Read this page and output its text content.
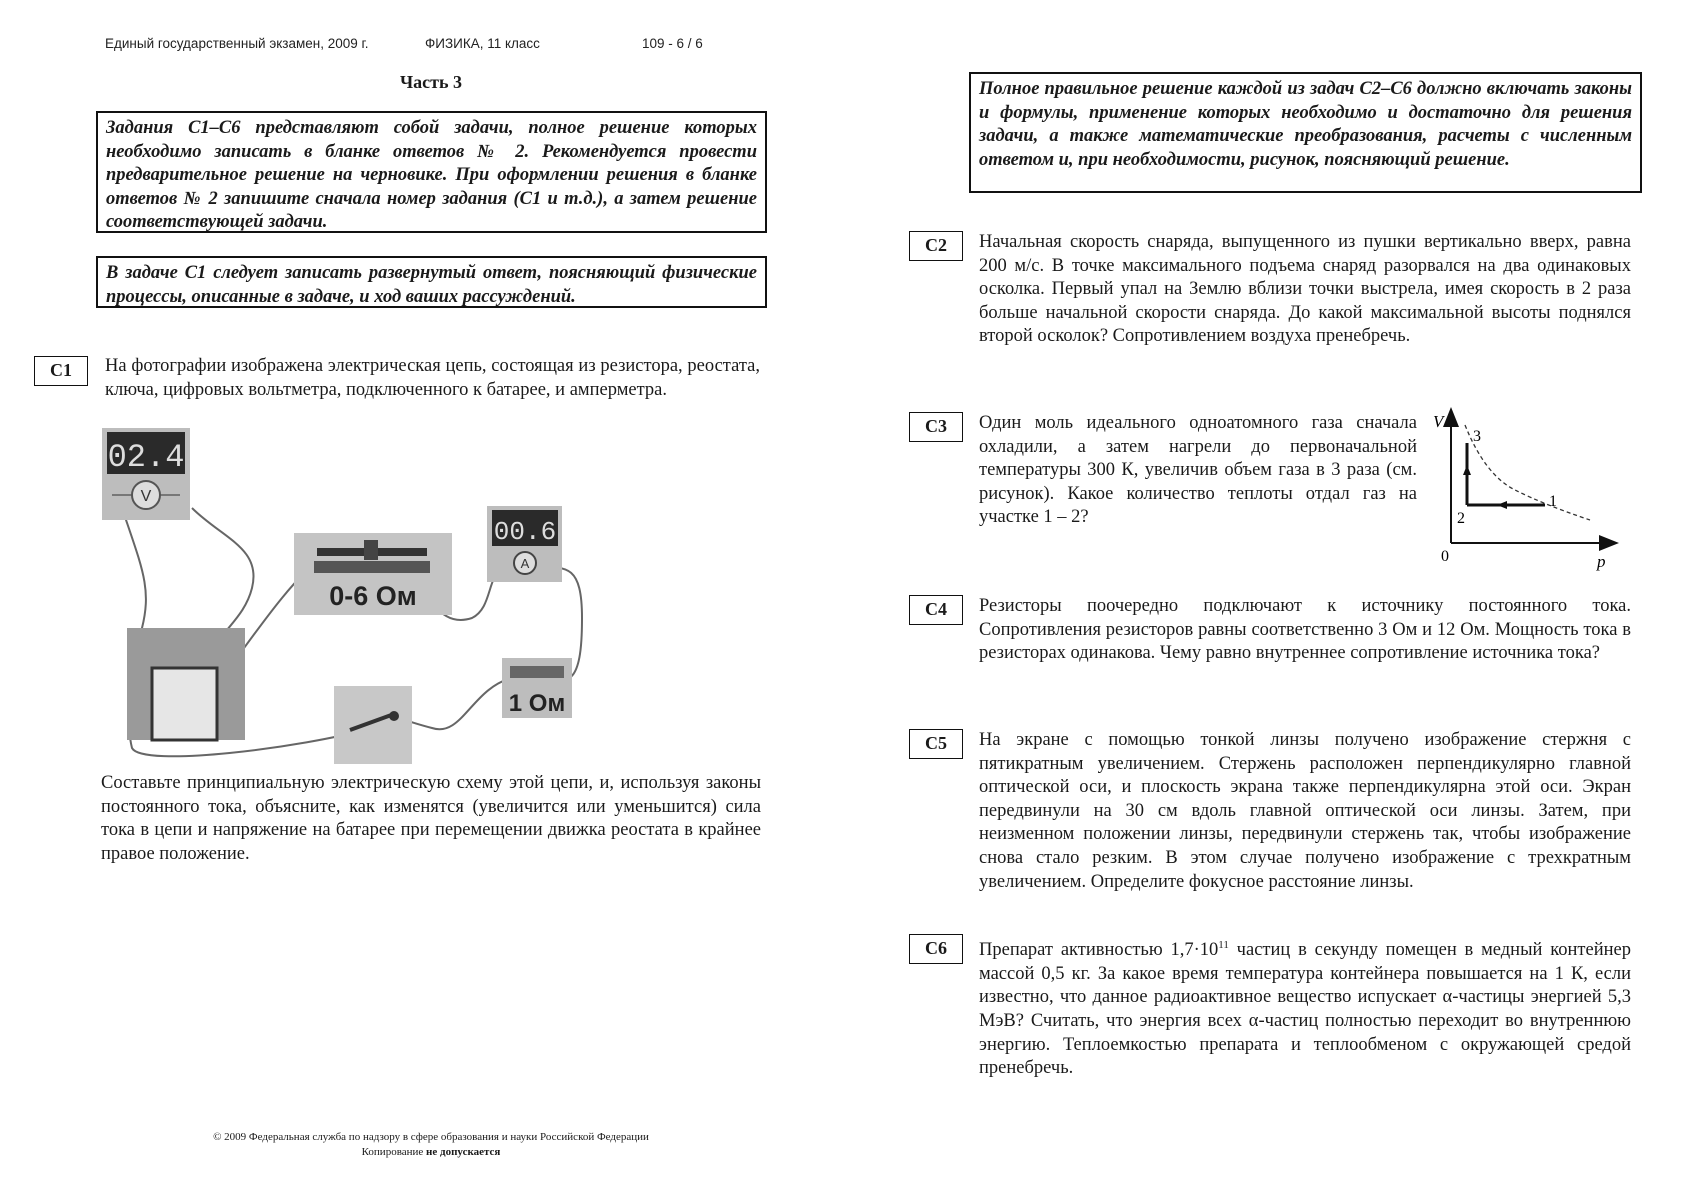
Единый государственный экзамен, 2009 г.	ФИЗИКА, 11 класс	109 - 6 / 6
Часть 3
Задания С1–С6 представляют собой задачи, полное решение которых необходимо записать в бланке ответов № 2. Рекомендуется провести предварительное решение на черновике. При оформлении решения в бланке ответов № 2 запишите сначала номер задания (С1 и т.д.), а затем решение соответствующей задачи.
В задаче С1 следует записать развернутый ответ, поясняющий физические процессы, описанные в задаче, и ход ваших рассуждений.
С1	На фотографии изображена электрическая цепь, состоящая из резистора, реостата, ключа, цифровых вольтметра, подключенного к батарее, и амперметра.
02.4
V
0-6 Ом
00.6
A
1 Ом
Составьте принципиальную электрическую схему этой цепи, и, используя законы постоянного тока, объясните, как изменятся (увеличится или уменьшится) сила тока в цепи и напряжение на батарее при перемещении движка реостата в крайнее правое положение.
Полное правильное решение каждой из задач С2–С6 должно включать законы и формулы, применение которых необходимо и достаточно для решения задачи, а также математические преобразования, расчеты с численным ответом и, при необходимости, рисунок, поясняющий решение.
С2	Начальная скорость снаряда, выпущенного из пушки вертикально вверх, равна 200 м/с. В точке максимального подъема снаряд разорвался на два одинаковых осколка. Первый упал на Землю вблизи точки выстрела, имея скорость в 2 раза больше начальной скорости снаряда. До какой максимальной высоты поднялся второй осколок? Сопротивлением воздуха пренебречь.
С3	Один моль идеального одноатомного газа сначала охладили, а затем нагрели до первоначальной температуры 300 К, увеличив объем газа в 3 раза (см. рисунок). Какое количество теплоты отдал газ на участке 1 – 2?
V
p
0
1
2
3
С4	Резисторы поочередно подключают к источнику постоянного тока. Сопротивления резисторов равны соответственно 3 Ом и 12 Ом. Мощность тока в резисторах одинакова. Чему равно внутреннее сопротивление источника тока?
С5	На экране с помощью тонкой линзы получено изображение стержня с пятикратным увеличением. Стержень расположен перпендикулярно главной оптической оси, и плоскость экрана также перпендикулярна этой оси. Экран передвинули на 30 см вдоль главной оптической оси линзы. Затем, при неизменном положении линзы, передвинули стержень так, чтобы изображение снова стало резким. В этом случае получено изображение с трехкратным увеличением. Определите фокусное расстояние линзы.
С6	Препарат активностью $1,7\cdot 10^{11}$ частиц в секунду помещен в медный контейнер массой 0,5 кг. За какое время температура контейнера повышается на 1 К, если известно, что данное радиоактивное вещество испускает α-частицы энергией 5,3 МэВ? Считать, что энергия всех α-частиц полностью переходит во внутреннюю энергию. Теплоемкостью препарата и теплообменом с окружающей средой пренебречь.
© 2009 Федеральная служба по надзору в сфере образования и науки Российской Федерации
Копирование не допускается
